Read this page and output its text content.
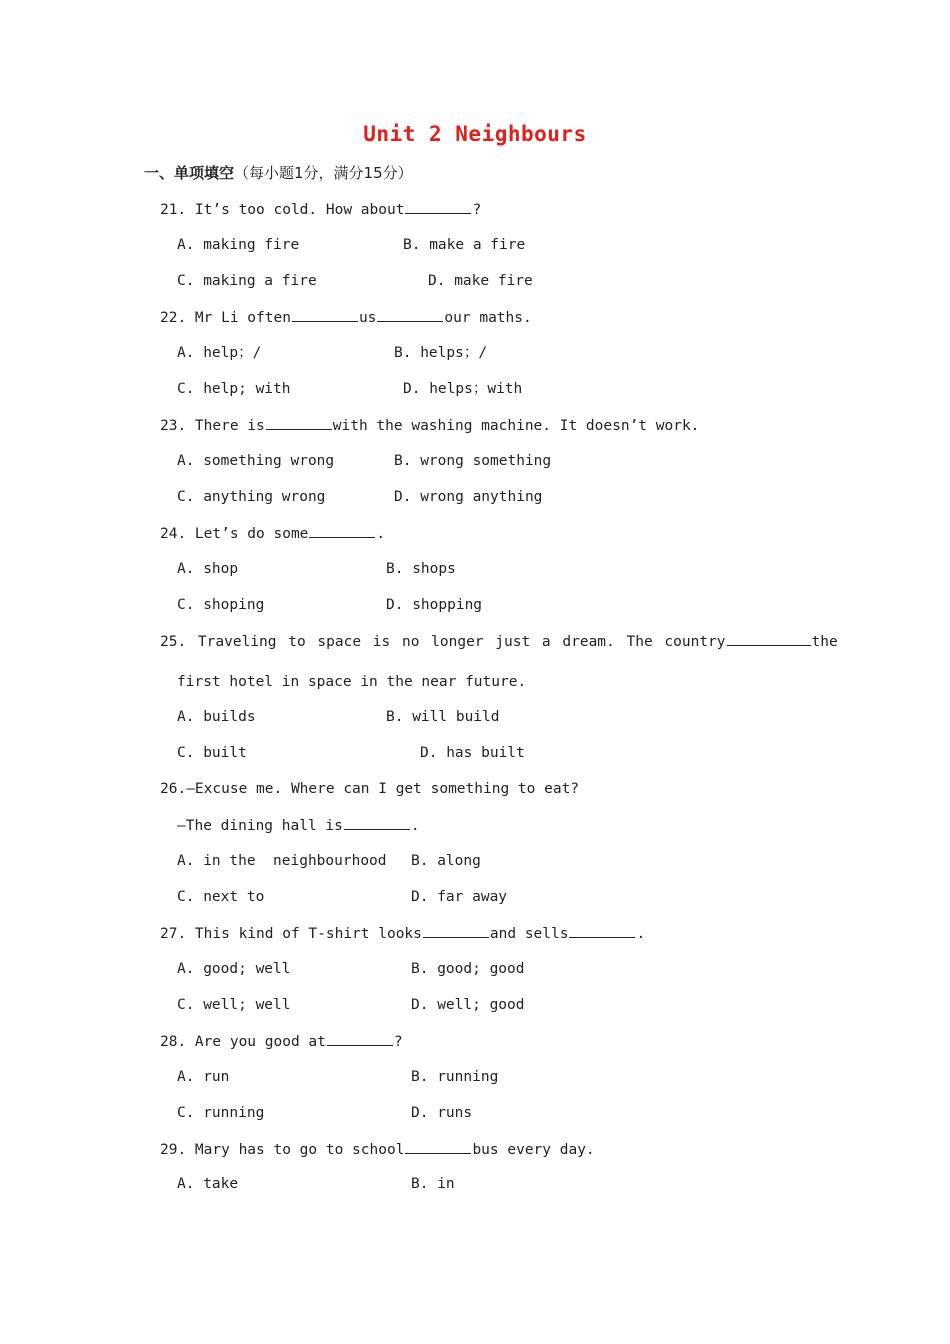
Unit 2 Neighbours
一、单项填空（每小题1分，满分15分）
21. It’s too cold. How about	?
A. making fire	B. make a fire
C. making a fire	D. make fire
22. Mr Li often	us	our maths.
A. help；/	B. helps；/
C. help; with	D. helps；with
23. There is	with the washing machine. It doesn’t work.
A. something wrong	B. wrong something
C. anything wrong	D. wrong anything
24. Let’s do some	.
A. shop	B. shops
C. shoping	D. shopping
25. Traveling to space is no longer just a dream. The country	the
first hotel in space in the near future.
A. builds	B. will build
C. built	D. has built
26.—Excuse me. Where can I get something to eat?
—The dining hall is	.
A. in the  neighbourhood B. along
C. next to	D. far away
27. This kind of T-shirt looks	and sells	.
A. good; well	B. good; good
C. well; well	D. well; good
28. Are you good at	?
A. run	B. running
C. running	D. runs
29. Mary has to go to school	bus every day.
A. take	B. in
